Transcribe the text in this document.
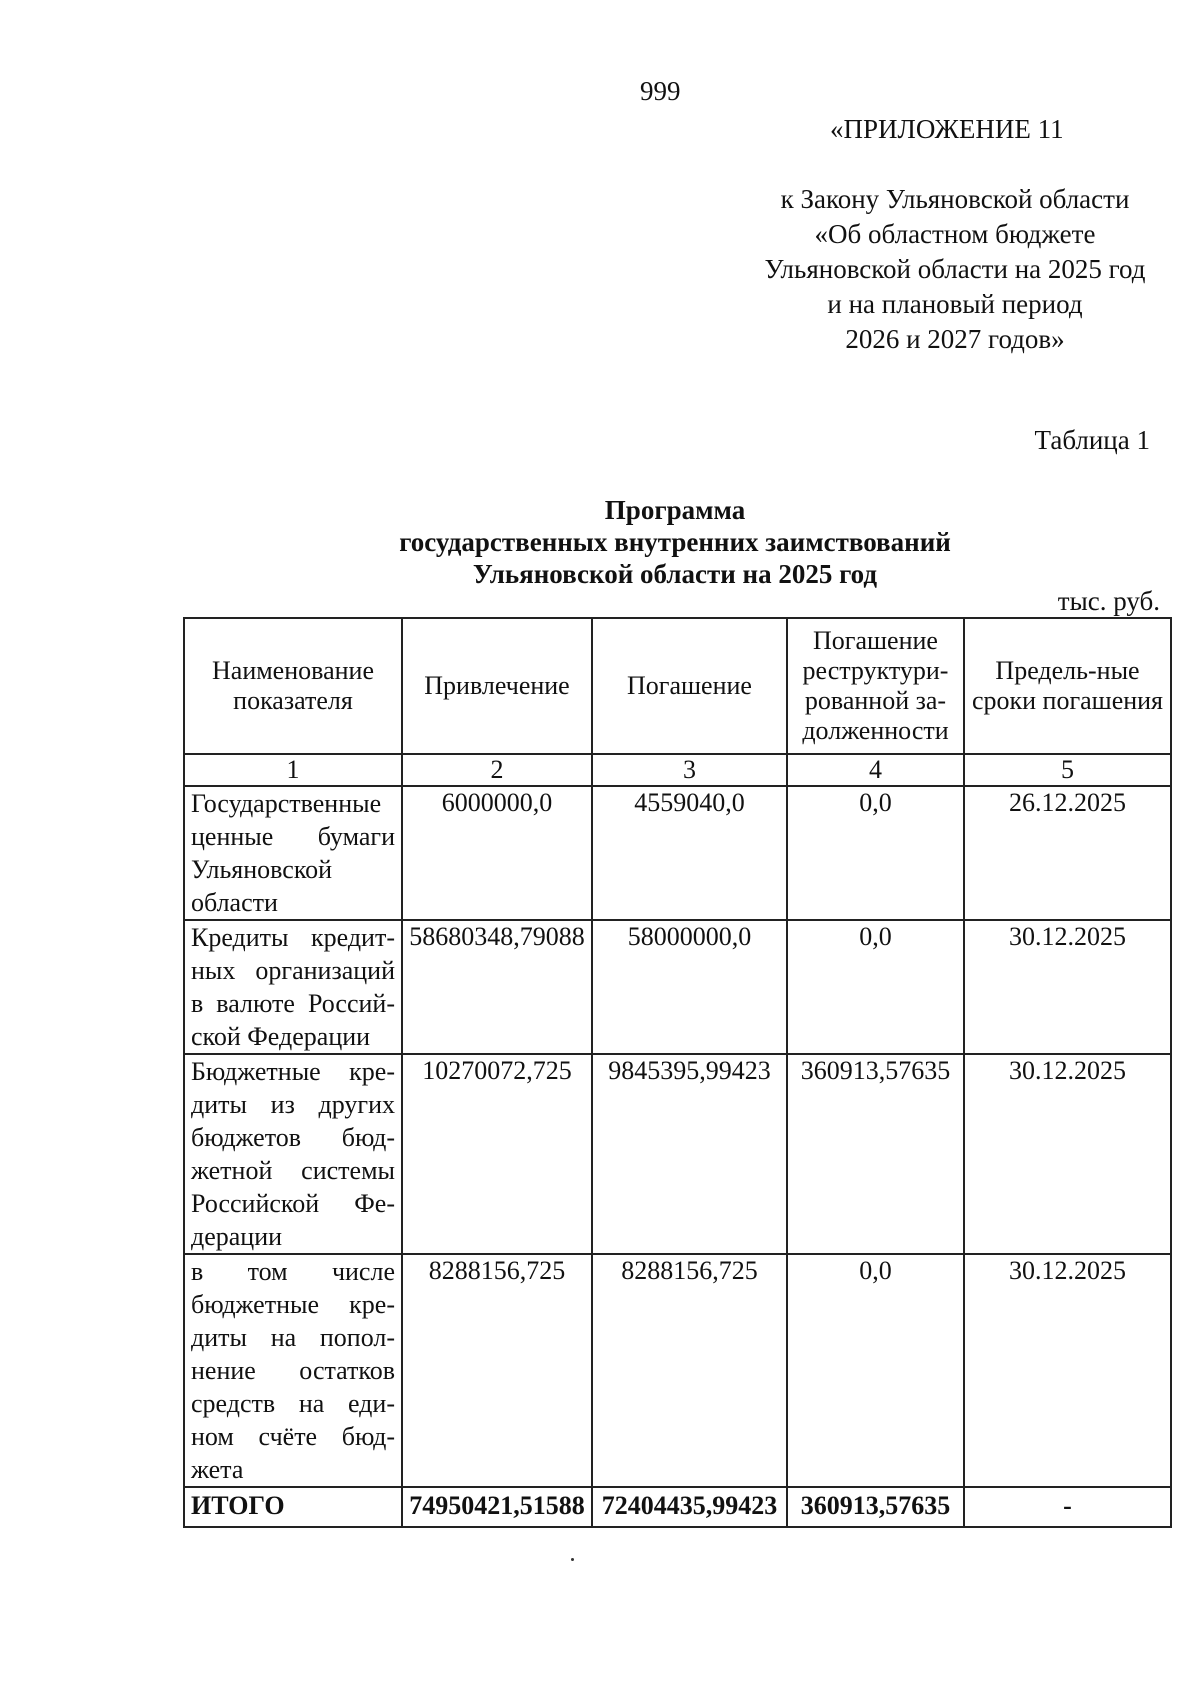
999
«ПРИЛОЖЕНИЕ 11
к Закону Ульяновской области
«Об областном бюджете
Ульяновской области на 2025 год
и на плановый период
2026 и 2027 годов»
Таблица 1
Программа
государственных внутренних заимствований
Ульяновской области на 2025 год
тыс. руб.
Наименование показателя	Привлечение	Погашение	Погашение реструктури-рованной за-долженности	Предель-ные сроки погашения
1	2	3	4	5
Государственные ценные бумаги Ульяновской области	6000000,0	4559040,0	0,0	26.12.2025
Кредиты кредит-ных организаций в валюте Россий-ской Федерации	58680348,79088	58000000,0	0,0	30.12.2025
Бюджетные кре-диты из других бюджетов бюд-жетной системы Российской Фе-дерации	10270072,725	9845395,99423	360913,57635	30.12.2025
в том числе бюджетные кре-диты на попол-нение остатков средств на еди-ном счёте бюд-жета	8288156,725	8288156,725	0,0	30.12.2025
ИТОГО	74950421,51588	72404435,99423	360913,57635	-
